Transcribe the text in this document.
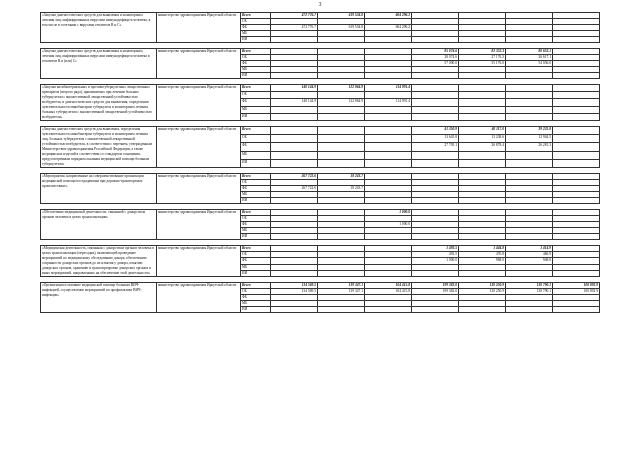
3
«Закупка диагностических средств для выявления и мониторинга лечения лиц, инфицированных вирусами иммунодефицита человека, в том числе в сочетании с вирусами гепатитов В и С»	министерство здравоохранения Иркутской области	Всего	472 776.7	619 534.8	604 296.2				
		ОБ							
		ФБ	472 776.7	619 534.8	604 296.2				
		МБ							
		ИИ							

«Закупка диагностических средств для выявления и мониторинга лечения лиц, инфицированных вирусами иммунодефицита человека и гепатитов В и (или) С»	министерство здравоохранения Иркутской области	Всего				85 074.6	82 352.3	80 653.1	
		ОБ				28 074.6	27 176.3	26 617.1	
		ФБ				57 000.0	55 176.0	54 036.0	
		МБ							
		ИИ							

«Закупка антибактериальных и противотуберкулезных лекарственных препаратов (второго ряда), применяемых при лечении больных туберкулезом с множественной лекарственной устойчивостью возбудителя, и диагностических средств для выявления, определения чувствительности микобактерии туберкулеза и мониторинга лечения больных туберкулезом с множественной лекарственной устойчивостью возбудителя»	министерство здравоохранения Иркутской области	Всего	140 144.9	122 864.9	114 991.4				
		ОБ							
		ФБ	140 144.9	122 864.9	114 991.4				
		МБ							
		ИИ							

«Закупка диагностических средств для выявления, определения чувствительности микобактерии туберкулеза и мониторинга лечения лиц, больных туберкулезом с множественной лекарственной устойчивостью возбудителя, в соответствии с перечнем, утвержденным Министерством здравоохранения Российской Федерации, а также медицинских изделий в соответствии со стандартом оснащения, предусмотренным порядком оказания медицинской помощи больным туберкулезом»	министерство здравоохранения Иркутской области	Всего				41 350.9	40 117.0	39 225.8	
		ОБ				13 645.8	13 238.6	12 944.5	
		ФБ				27 705.1	26 878.4	26 281.3	
		МБ							
		ИИ							

«Мероприятия, направленные на совершенствование организации медицинской помощи пострадавшим при дорожно-транспортных происшествиях»	министерство здравоохранения Иркутской области	Всего	267 722.6	18 243.7					
		ОБ							
		ФБ	267 722.6	18 243.7					
		МБ							
		ИИ							

«Обеспечение медицинской деятельности, связанной с донорством органов человека в целях трансплантации»	министерство здравоохранения Иркутской области	Всего			1 000.0				
		ОБ							
		ФБ			1 000.0				
		МБ							
		ИИ							

«Медицинская деятельность, связанная с донорством органов человека в целях трансплантации (пересадки), включающей проведение мероприятий по медицинскому обследованию донора, обеспечению сохранности донорских органов до их изъятия у донора, изъятию донорских органов, хранению и транспортировке донорских органов и иных мероприятий, направленных на обеспечение этой деятельности»	министерство здравоохранения Иркутской области	Всего				1 492.5	1 444.8	1 414.9	
		ОБ				492.5	476.8	466.9	
		ФБ				1 000.0	968.0	948.0	
		МБ							
		ИИ							

«Организация и оказание медицинской помощи больным ВИЧ-инфекцией, осуществление мероприятий по профилактике ВИЧ-инфекции»	министерство здравоохранения Иркутской области	Всего	134 569.5	139 347.1	104 415.8	199 382.0	130 250.9	130 790.1	100 892.9
		ОБ	134 569.5	139 347.1	104 415.8	199 382.0	130 250.9	130 790.1	100 892.9
		ФБ							
		МБ							
		ИИ							
